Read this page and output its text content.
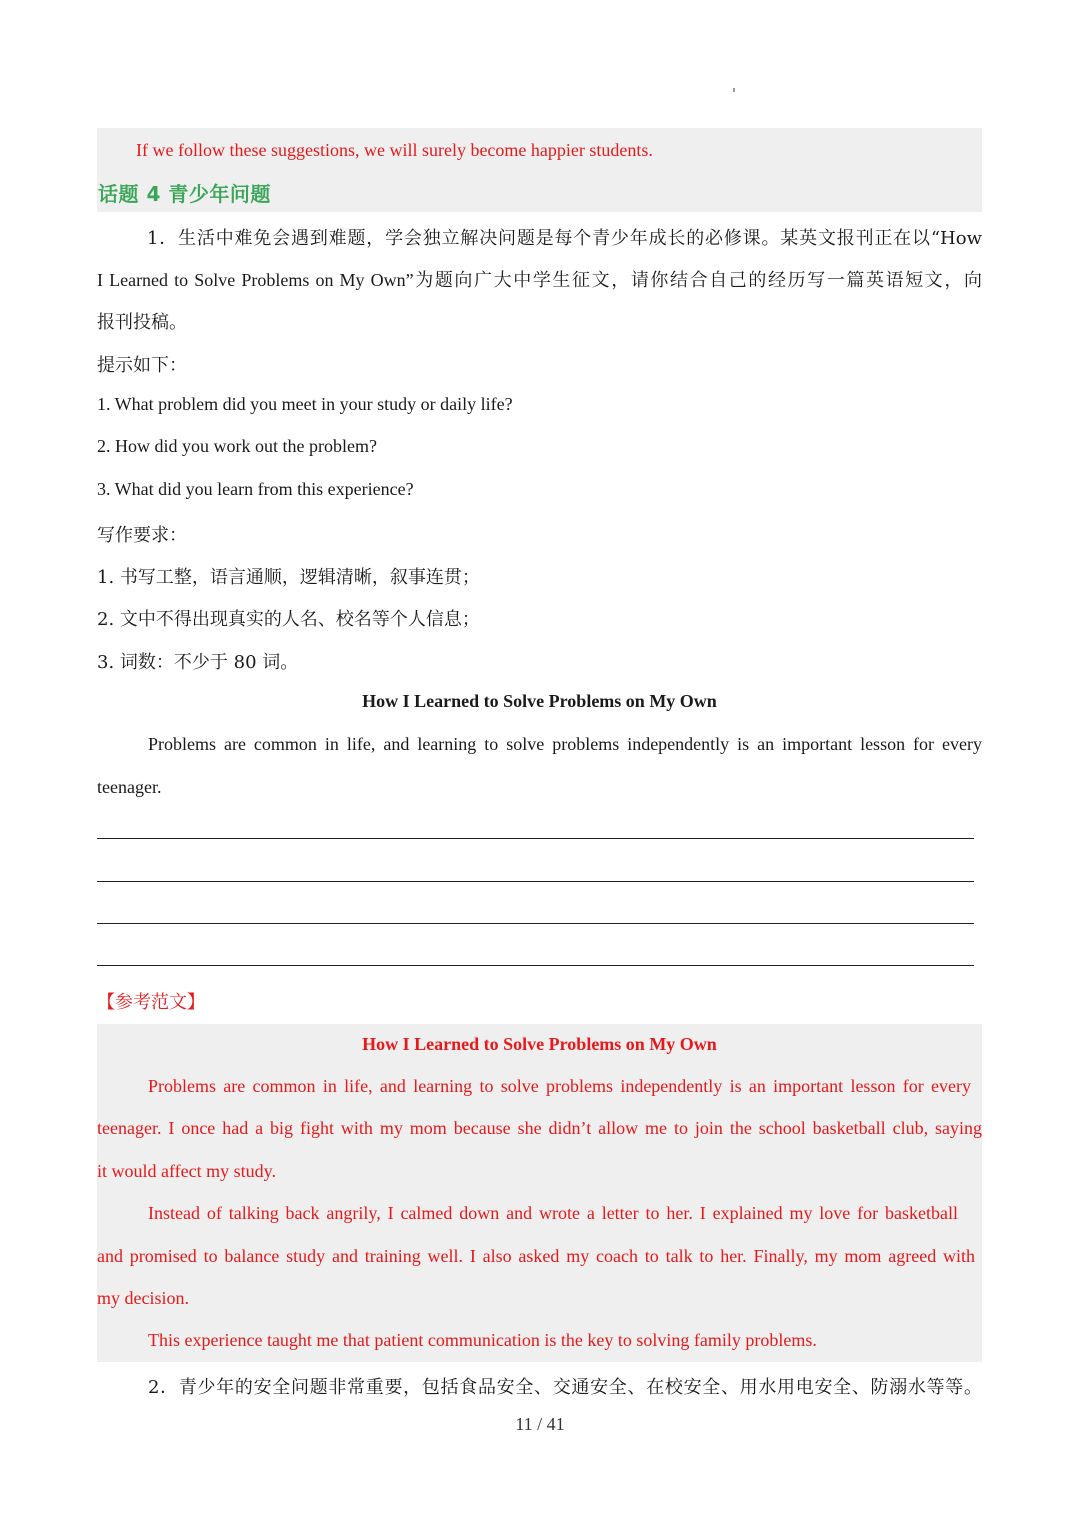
If we follow these suggestions, we will surely become happier students.
话题 4 青少年问题
1．生活中难免会遇到难题，学会独立解决问题是每个青少年成长的必修课。某英文报刊正在以“How
I Learned to Solve Problems on My Own”为题向广大中学生征文，请你结合自己的经历写一篇英语短文，向
报刊投稿。
提示如下：
1. What problem did you meet in your study or daily life?
2. How did you work out the problem?
3. What did you learn from this experience?
写作要求：
1. 书写工整，语言通顺，逻辑清晰，叙事连贯；
2. 文中不得出现真实的人名、校名等个人信息；
3. 词数：不少于 80 词。
How I Learned to Solve Problems on My Own
Problems are common in life, and learning to solve problems independently is an important lesson for every
teenager.
【参考范文】
How I Learned to Solve Problems on My Own
Problems are common in life, and learning to solve problems independently is an important lesson for every
teenager. I once had a big fight with my mom because she didn’t allow me to join the school basketball club, saying
it would affect my study.
Instead of talking back angrily, I calmed down and wrote a letter to her. I explained my love for basketball
and promised to balance study and training well. I also asked my coach to talk to her. Finally, my mom agreed with
my decision.
This experience taught me that patient communication is the key to solving family problems.
2．青少年的安全问题非常重要，包括食品安全、交通安全、在校安全、用水用电安全、防溺水等等。
11 / 41
